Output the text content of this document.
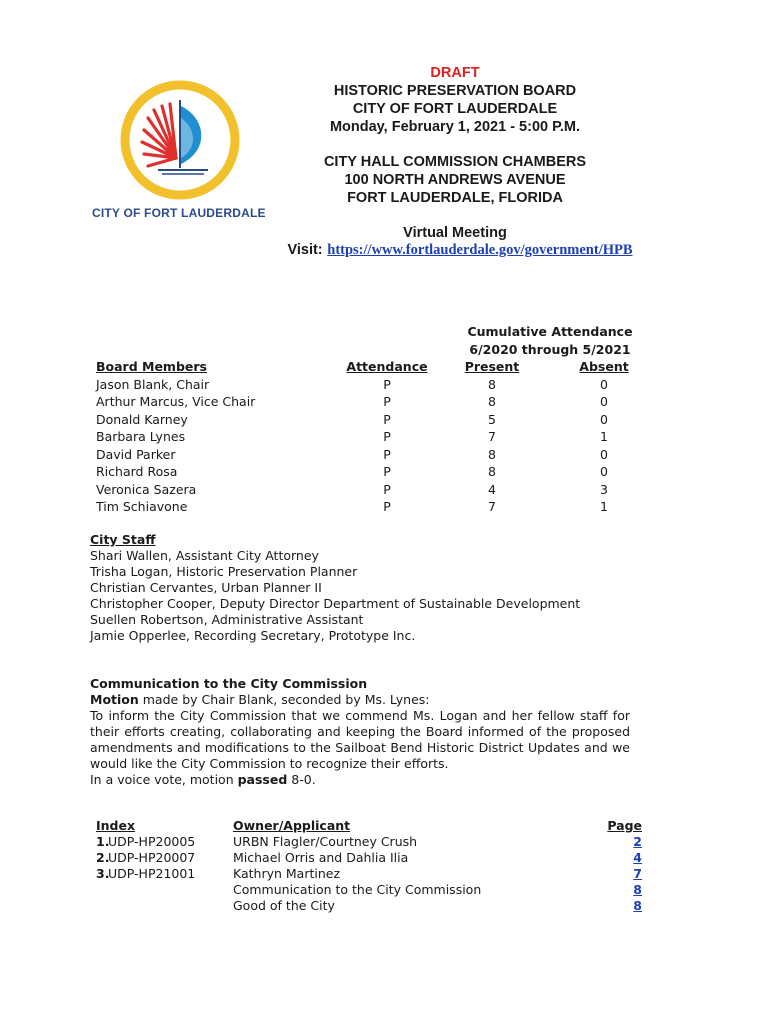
CITY OF FORT LAUDERDALE
DRAFT
HISTORIC PRESERVATION BOARD
CITY OF FORT LAUDERDALE
Monday, February 1, 2021 - 5:00 P.M.
CITY HALL COMMISSION CHAMBERS
100 NORTH ANDREWS AVENUE
FORT LAUDERDALE, FLORIDA
Virtual Meeting
Visit: https://www.fortlauderdale.gov/government/HPB
Cumulative Attendance
6/2020 through 5/2021
Board Members
Jason Blank, Chair
Arthur Marcus, Vice Chair
Donald Karney
Barbara Lynes
David Parker
Richard Rosa
Veronica Sazera
Tim Schiavone
Attendance
P
P
P
P
P
P
P
P
Present
8
8
5
7
8
8
4
7
Absent
0
0
0
1
0
0
3
1
City Staff
Shari Wallen, Assistant City Attorney
Trisha Logan, Historic Preservation Planner
Christian Cervantes, Urban Planner II
Christopher Cooper, Deputy Director Department of Sustainable Development
Suellen Robertson, Administrative Assistant
Jamie Opperlee, Recording Secretary, Prototype Inc.
Communication to the City Commission
Motion made by Chair Blank, seconded by Ms. Lynes:
To inform the City Commission that we commend Ms. Logan and her fellow staff for their efforts creating, collaborating and keeping the Board informed of the proposed amendments and modifications to the Sailboat Bend Historic District Updates and we would like the City Commission to recognize their efforts.
In a voice vote, motion passed 8-0.
Index
1.UDP-HP20005
2.UDP-HP20007
3.UDP-HP21001
Owner/Applicant
URBN Flagler/Courtney Crush
Michael Orris and Dahlia Ilia
Kathryn Martinez
Communication to the City Commission
Good of the City
Page
2
4
7
8
8
